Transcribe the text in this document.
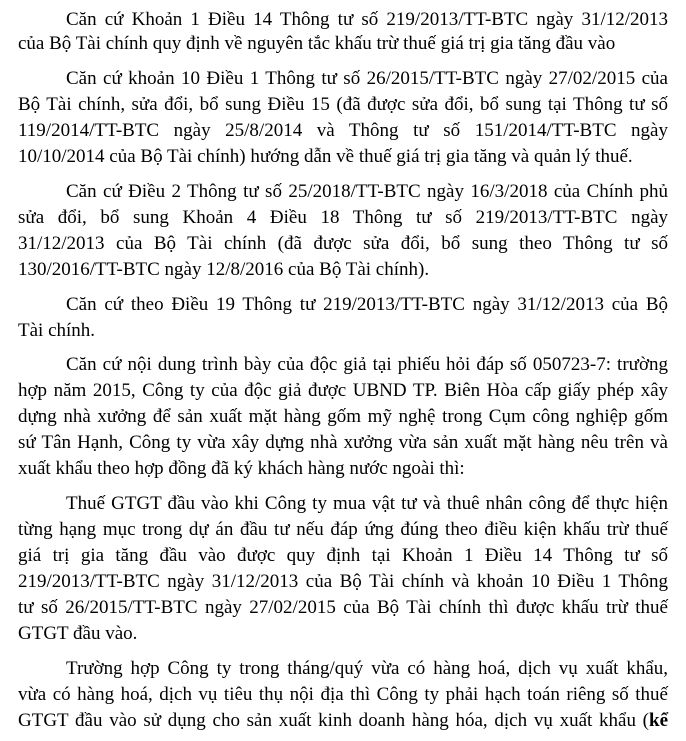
Căn cứ Khoản 1 Điều 14 Thông tư số 219/2013/TT-BTC ngày 31/12/2013
của Bộ Tài chính quy định về nguyên tắc khấu trừ thuế giá trị gia tăng đầu vào
Căn cứ khoản 10 Điều 1 Thông tư số 26/2015/TT-BTC ngày 27/02/2015 của
Bộ Tài chính, sửa đổi, bổ sung Điều 15 (đã được sửa đổi, bổ sung tại Thông tư số
119/2014/TT-BTC ngày 25/8/2014 và Thông tư số 151/2014/TT-BTC ngày
10/10/2014 của Bộ Tài chính) hướng dẫn về thuế giá trị gia tăng và quản lý thuế.
Căn cứ Điều 2 Thông tư số 25/2018/TT-BTC ngày 16/3/2018 của Chính phủ
sửa đổi, bổ sung Khoản 4 Điều 18 Thông tư số 219/2013/TT-BTC ngày
31/12/2013 của Bộ Tài chính (đã được sửa đổi, bổ sung theo Thông tư số
130/2016/TT-BTC ngày 12/8/2016 của Bộ Tài chính).
Căn cứ theo Điều 19 Thông tư 219/2013/TT-BTC ngày 31/12/2013 của Bộ
Tài chính.
Căn cứ nội dung trình bày của độc giả tại phiếu hỏi đáp số 050723-7: trường
hợp năm 2015, Công ty của độc giả được UBND TP. Biên Hòa cấp giấy phép xây
dựng nhà xưởng để sản xuất mặt hàng gốm mỹ nghệ trong Cụm công nghiệp gốm
sứ Tân Hạnh, Công ty vừa xây dựng nhà xưởng vừa sản xuất mặt hàng nêu trên và
xuất khẩu theo hợp đồng đã ký khách hàng nước ngoài thì:
Thuế GTGT đầu vào khi Công ty mua vật tư và thuê nhân công để thực hiện
từng hạng mục trong dự án đầu tư nếu đáp ứng đúng theo điều kiện khấu trừ thuế
giá trị gia tăng đầu vào được quy định tại Khoản 1 Điều 14 Thông tư số
219/2013/TT-BTC ngày 31/12/2013 của Bộ Tài chính và khoản 10 Điều 1 Thông
tư số 26/2015/TT-BTC ngày 27/02/2015 của Bộ Tài chính thì được khấu trừ thuế
GTGT đầu vào.
Trường hợp Công ty trong tháng/quý vừa có hàng hoá, dịch vụ xuất khẩu,
vừa có hàng hoá, dịch vụ tiêu thụ nội địa thì Công ty phải hạch toán riêng số thuế
GTGT đầu vào sử dụng cho sản xuất kinh doanh hàng hóa, dịch vụ xuất khẩu (kể
